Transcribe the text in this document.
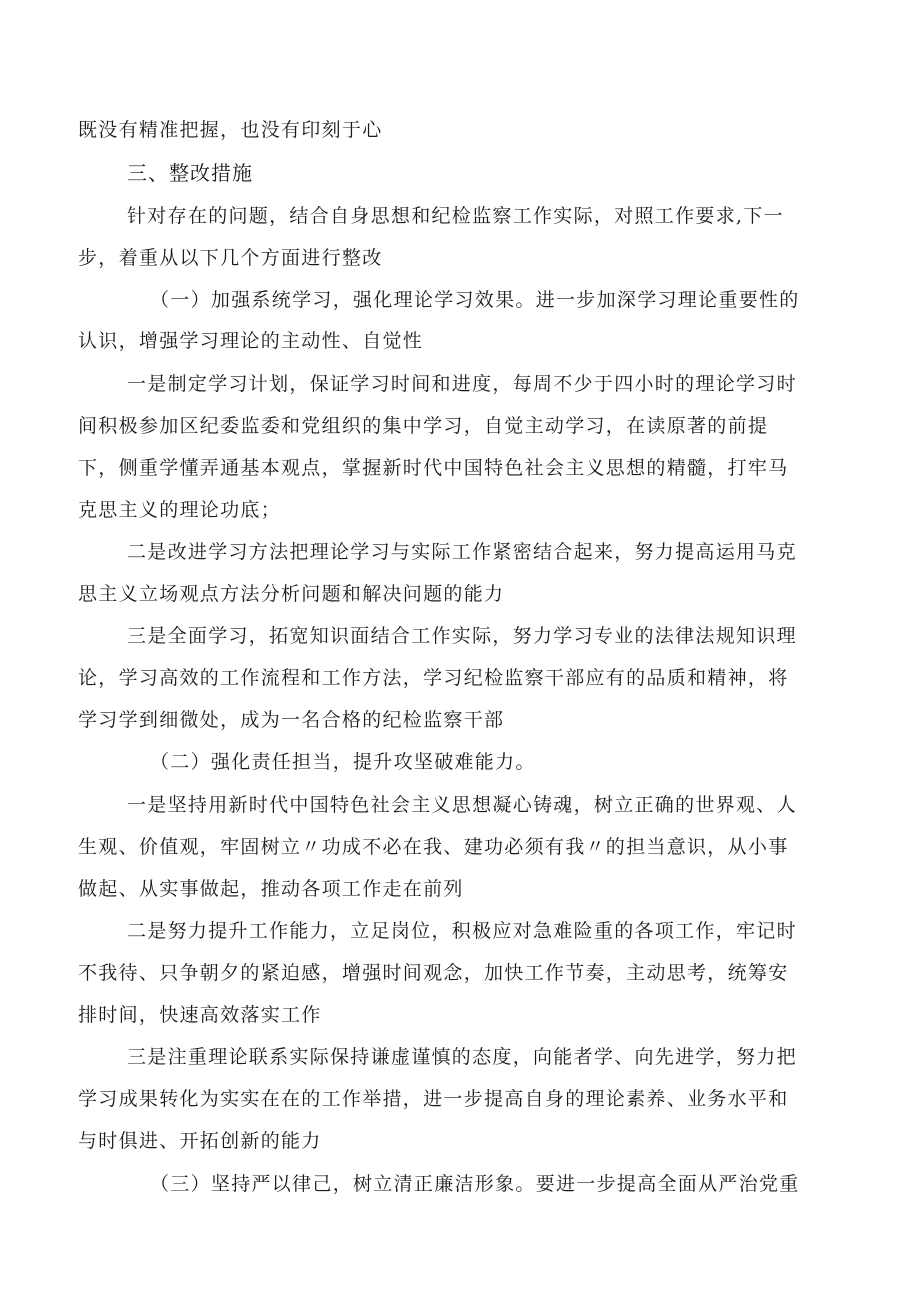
既没有精准把握，也没有印刻于心
三、整改措施
针对存在的问题，结合自身思想和纪检监察工作实际，对照工作要求,下一
步，着重从以下几个方面进行整改
（一）加强系统学习，强化理论学习效果。进一步加深学习理论重要性的
认识，增强学习理论的主动性、自觉性
一是制定学习计划，保证学习时间和进度，每周不少于四小时的理论学习时
间积极参加区纪委监委和党组织的集中学习，自觉主动学习，在读原著的前提
下，侧重学懂弄通基本观点，掌握新时代中国特色社会主义思想的精髓，打牢马
克思主义的理论功底；
二是改进学习方法把理论学习与实际工作紧密结合起来，努力提高运用马克
思主义立场观点方法分析问题和解决问题的能力
三是全面学习，拓宽知识面结合工作实际，努力学习专业的法律法规知识理
论，学习高效的工作流程和工作方法，学习纪检监察干部应有的品质和精神，将
学习学到细微处，成为一名合格的纪检监察干部
（二）强化责任担当，提升攻坚破难能力。
一是坚持用新时代中国特色社会主义思想凝心铸魂，树立正确的世界观、人
生观、价值观，牢固树立〃功成不必在我、建功必须有我〃的担当意识，从小事
做起、从实事做起，推动各项工作走在前列
二是努力提升工作能力，立足岗位，积极应对急难险重的各项工作，牢记时
不我待、只争朝夕的紧迫感，增强时间观念，加快工作节奏，主动思考，统筹安
排时间，快速高效落实工作
三是注重理论联系实际保持谦虚谨慎的态度，向能者学、向先进学，努力把
学习成果转化为实实在在的工作举措，进一步提高自身的理论素养、业务水平和
与时俱进、开拓创新的能力
（三）坚持严以律己，树立清正廉洁形象。要进一步提高全面从严治党重
